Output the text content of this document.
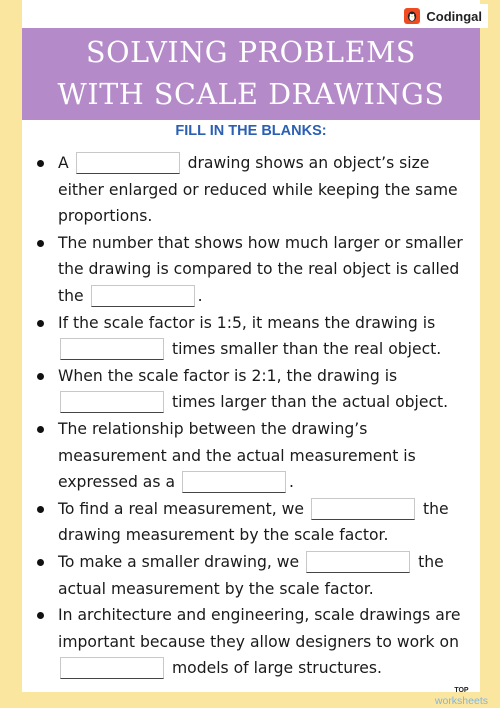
Codingal
SOLVING PROBLEMS
WITH SCALE DRAWINGS
FILL IN THE BLANKS:
A	drawing shows an object’s size either enlarged or reduced while keeping the same proportions.
The number that shows how much larger or smaller the drawing is compared to the real object is called the	.
If the scale factor is 1:5, it means the drawing is  times smaller than the real object.
When the scale factor is 2:1, the drawing is  times larger than the actual object.
The relationship between the drawing’s measurement and the actual measurement is expressed as a	.
To find a real measurement, we	the drawing measurement by the scale factor.
To make a smaller drawing, we	the actual measurement by the scale factor.
In architecture and engineering, scale drawings are important because they allow designers to work on  models of large structures.
TOP
worksheets
